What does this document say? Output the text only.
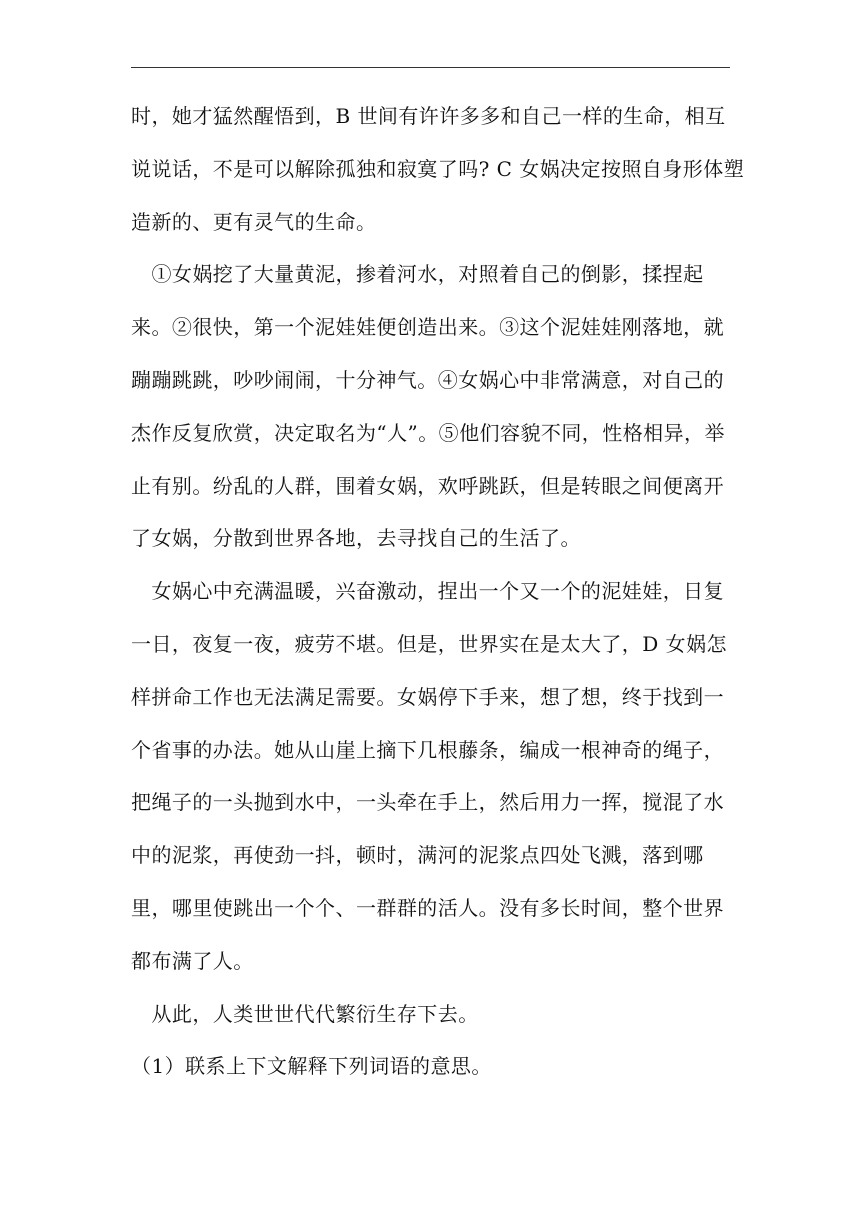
时，她才猛然醒悟到，B 世间有许许多多和自己一样的生命，相互
说说话，不是可以解除孤独和寂寞了吗? C 女娲决定按照自身形体塑
造新的、更有灵气的生命。
　①女娲挖了大量黄泥，掺着河水，对照着自己的倒影，揉捏起
来。②很快，第一个泥娃娃便创造出来。③这个泥娃娃刚落地，就
蹦蹦跳跳，吵吵闹闹，十分神气。④女娲心中非常满意，对自己的
杰作反复欣赏，决定取名为“人”。⑤他们容貌不同，性格相异，举
止有别。纷乱的人群，围着女娲，欢呼跳跃，但是转眼之间便离开
了女娲，分散到世界各地，去寻找自己的生活了。
　女娲心中充满温暖，兴奋激动，捏出一个又一个的泥娃娃，日复
一日，夜复一夜，疲劳不堪。但是，世界实在是太大了，D 女娲怎
样拼命工作也无法满足需要。女娲停下手来，想了想，终于找到一
个省事的办法。她从山崖上摘下几根藤条，编成一根神奇的绳子，
把绳子的一头抛到水中，一头牵在手上，然后用力一挥，搅混了水
中的泥浆，再使劲一抖，顿时，满河的泥浆点四处飞溅，落到哪
里，哪里使跳出一个个、一群群的活人。没有多长时间，整个世界
都布满了人。
　从此，人类世世代代繁衍生存下去。
（1）联系上下文解释下列词语的意思。
